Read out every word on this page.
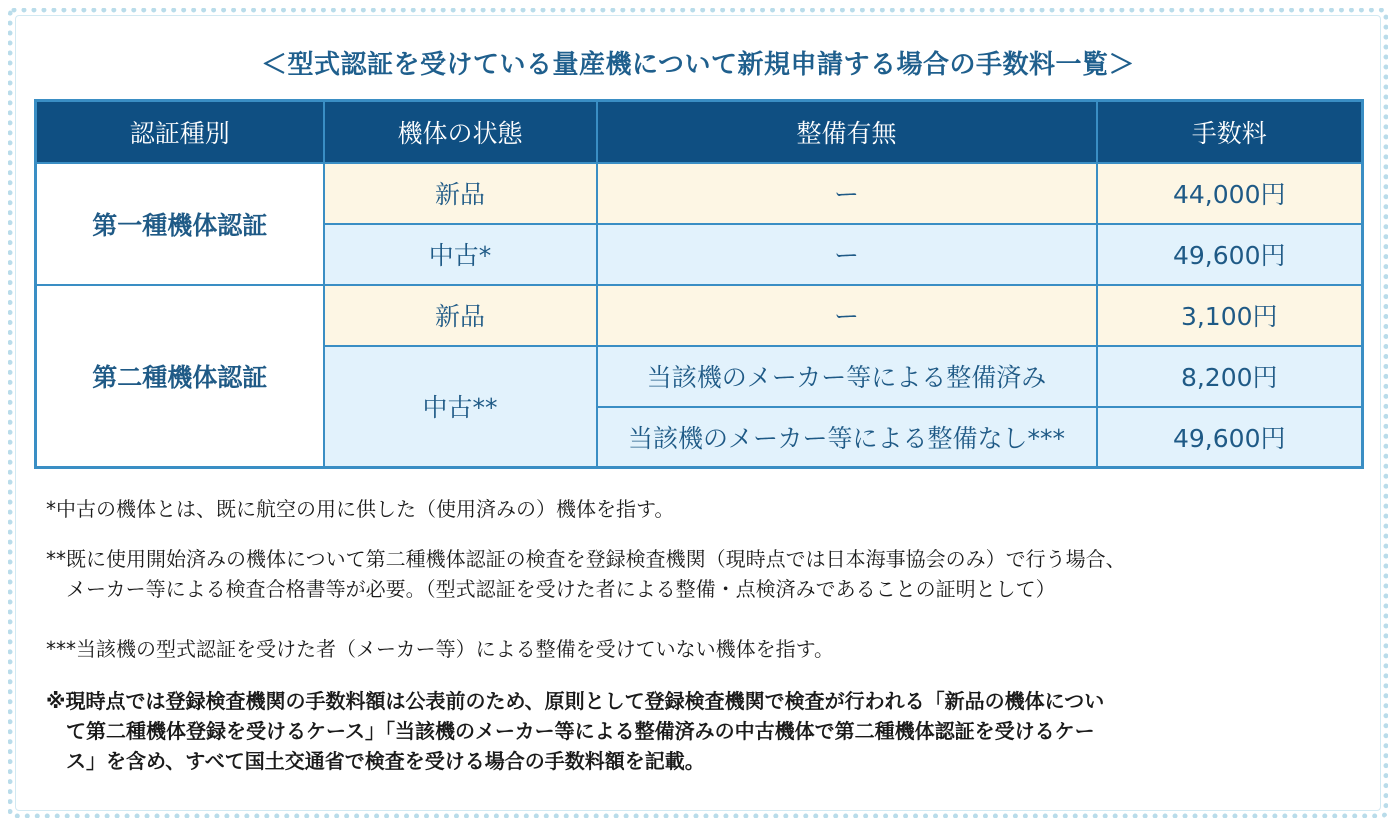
＜型式認証を受けている量産機について新規申請する場合の手数料一覧＞
認証種別	機体の状態	整備有無	手数料
第一種機体認証	新品	ー	44,000円
	中古*	ー	49,600円
第二種機体認証	新品	ー	3,100円
	中古**	当該機のメーカー等による整備済み	8,200円
		当該機のメーカー等による整備なし***	49,600円
*中古の機体とは、既に航空の用に供した（使用済みの）機体を指す。
**既に使用開始済みの機体について第二種機体認証の検査を登録検査機関（現時点では日本海事協会のみ）で行う場合、
メーカー等による検査合格書等が必要。（型式認証を受けた者による整備・点検済みであることの証明として）
***当該機の型式認証を受けた者（メーカー等）による整備を受けていない機体を指す。
※現時点では登録検査機関の手数料額は公表前のため、原則として登録検査機関で検査が行われる「新品の機体につい
て第二種機体登録を受けるケース」「当該機のメーカー等による整備済みの中古機体で第二種機体認証を受けるケー
ス」を含め、すべて国土交通省で検査を受ける場合の手数料額を記載。
